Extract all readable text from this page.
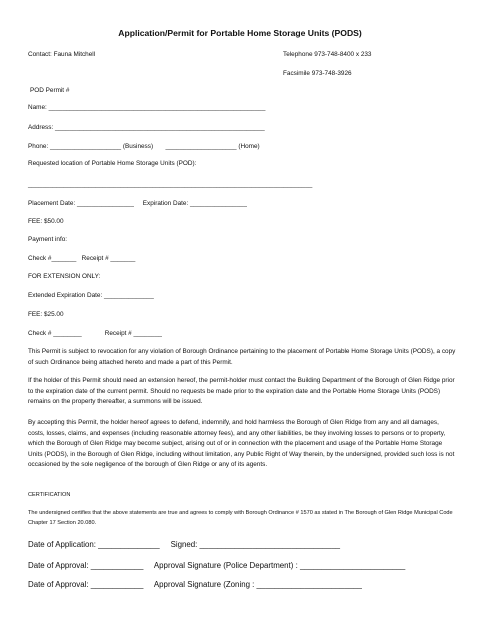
Application/Permit for Portable Home Storage Units (PODS)
Contact: Fauna Mitchell	Telephone 973-748-8400 x 233
Facsimile 973-748-3926
POD Permit #
Name: _____________________________________________________________
Address: ___________________________________________________________
Phone: ____________________ (Business)       ____________________ (Home)
Requested location of Portable Home Storage Units (POD):
________________________________________________________________________________
Placement Date: ________________     Expiration Date: ________________
FEE: $50.00
Payment info:
Check #_______   Receipt # _______
FOR EXTENSION ONLY:
Extended Expiration Date: ______________
FEE: $25.00
Check # ________             Receipt # ________
This Permit is subject to revocation for any violation of Borough Ordinance pertaining to the placement of Portable Home Storage Units (PODS), a copy of such Ordinance being attached hereto and made a part of this Permit.
If the holder of this Permit should need an extension hereof, the permit-holder must contact the Building Department of the Borough of Glen Ridge prior to the expiration date of the current permit. Should no requests be made prior to the expiration date and the Portable Home Storage Units (PODS) remains on the property thereafter, a summons will be issued.
By accepting this Permit, the holder hereof agrees to defend, indemnify, and hold harmless the Borough of Glen Ridge from any and all damages, costs, losses, claims, and expenses (including reasonable attorney fees), and any other liabilities, be they involving losses to persons or to property, which the Borough of Glen Ridge may become subject, arising out of or in connection with the placement and usage of the Portable Home Storage Units (PODS), in the Borough of Glen Ridge, including without limitation, any Public Right of Way therein, by the undersigned, provided such loss is not occasioned by the sole negligence of the borough of Glen Ridge or any of its agents.
CERTIFICATION
The undersigned certifies that the above statements are true and agrees to comply with Borough Ordinance # 1570 as stated in The Borough of Glen Ridge Municipal Code Chapter 17 Section 20.080.
Date of Application: ______________     Signed: ________________________________
Date of Approval: ____________     Approval Signature (Police Department) : ________________________
Date of Approval: ____________     Approval Signature (Zoning : ________________________
